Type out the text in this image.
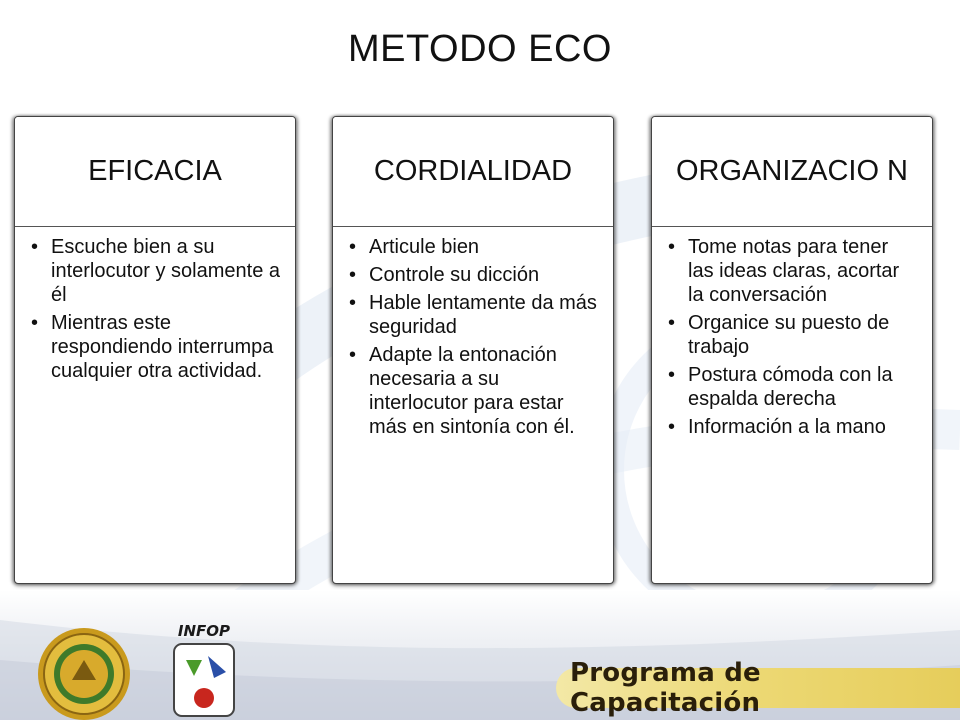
METODO ECO
EFICACIA
• Escuche bien a su interlocutor y solamente a él
• Mientras este respondiendo interrumpa cualquier otra actividad.
CORDIALIDAD
• Articule bien
• Controle su dicción
• Hable lentamente da más seguridad
• Adapte la entonación necesaria a su interlocutor para estar más en sintonía con él.
ORGANIZACIO N
• Tome notas para tener las ideas claras, acortar la conversación
• Organice su puesto de trabajo
• Postura cómoda con la espalda derecha
• Información a la mano
INFOP
Programa de Capacitación
